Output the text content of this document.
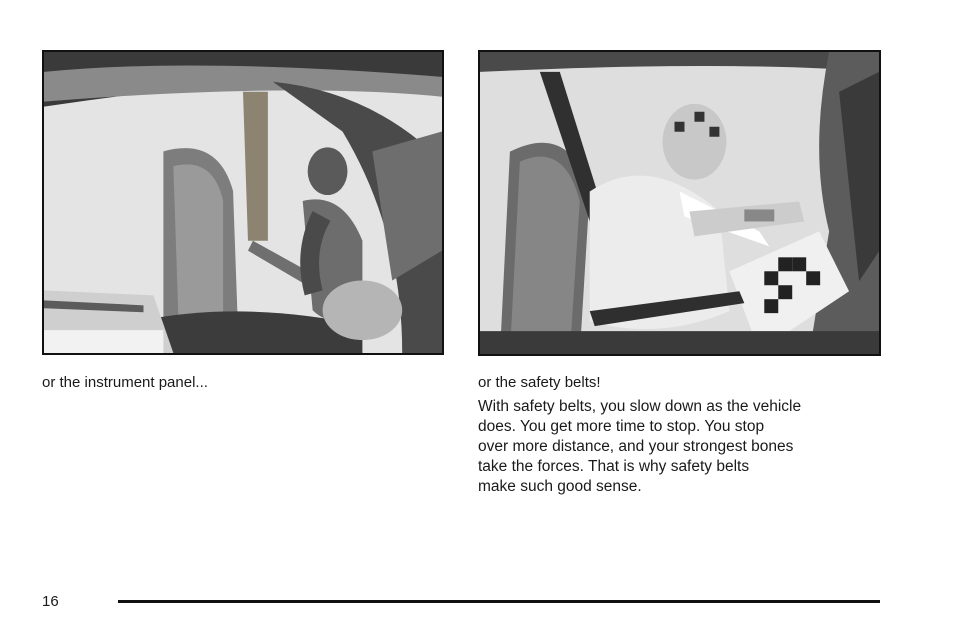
or the instrument panel...	or the safety belts!

With safety belts, you slow down as the vehicle
does. You get more time to stop. You stop
over more distance, and your strongest bones
take the forces. That is why safety belts
make such good sense.

16
